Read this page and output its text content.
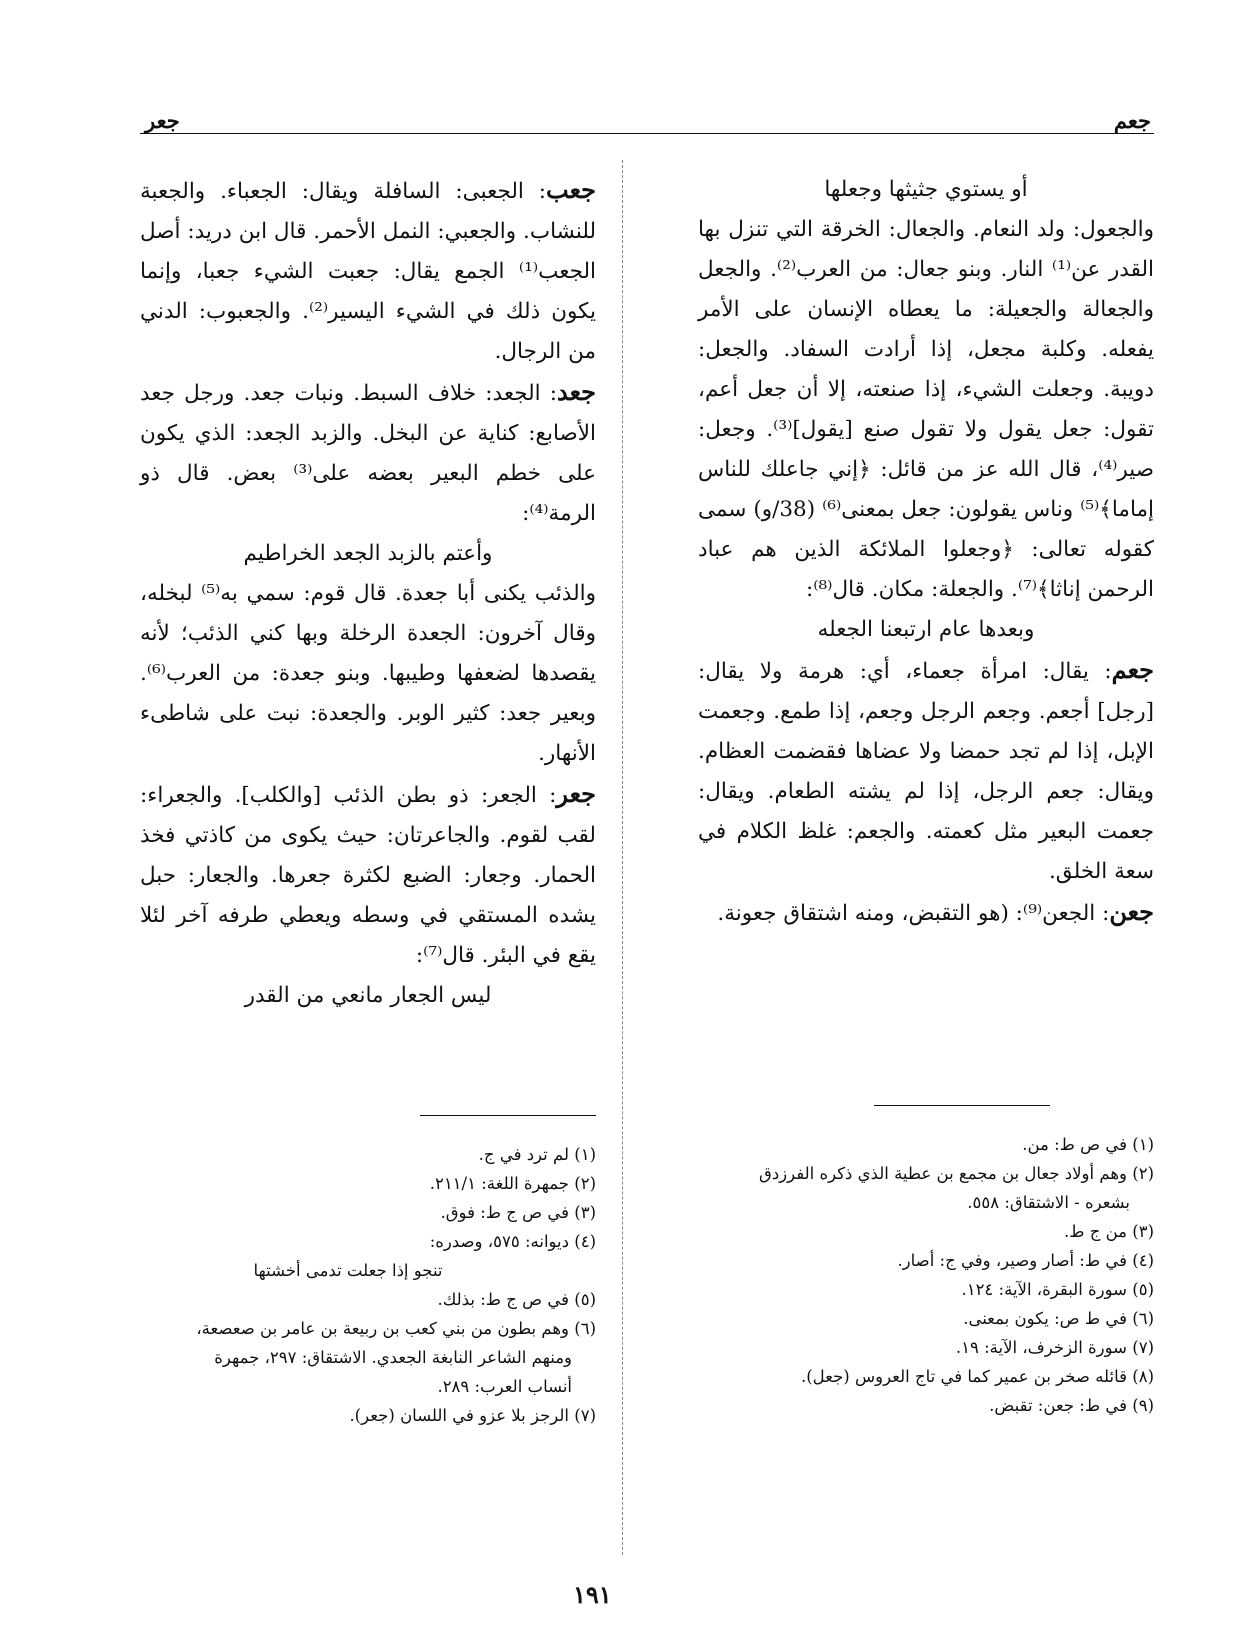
جعم
جعر

أو يستوي جثيثها وجعلها

والجعول: ولد النعام. والجعال: الخرقة التي تنزل بها القدر عن⁽¹⁾ النار. وبنو جعال: من العرب⁽²⁾. والجعل والجعالة والجعيلة: ما يعطاه الإنسان على الأمر يفعله. وكلبة مجعل، إذا أرادت السفاد. والجعل: دويبة. وجعلت الشيء، إذا صنعته، إلا أن جعل أعم، تقول: جعل يقول ولا تقول صنع [يقول]⁽³⁾. وجعل: صير⁽⁴⁾، قال الله عز من قائل: ﴿إني جاعلك للناس إماما﴾⁽⁵⁾ وناس يقولون: جعل بمعنى⁽⁶⁾ (38/و) سمى كقوله تعالى: ﴿وجعلوا الملائكة الذين هم عباد الرحمن إناثا﴾⁽⁷⁾. والجعلة: مكان. قال⁽⁸⁾:

وبعدها عام ارتبعنا الجعله

جعم: يقال: امرأة جعماء، أي: هرمة ولا يقال: [رجل] أجعم. وجعم الرجل وجعم، إذا طمع. وجعمت الإبل، إذا لم تجد حمضا ولا عضاها فقضمت العظام. ويقال: جعم الرجل، إذا لم يشته الطعام. ويقال: جعمت البعير مثل كعمته. والجعم: غلظ الكلام في سعة الخلق.

جعن: الجعن⁽⁹⁾: (هو التقبض، ومنه اشتقاق جعونة.

جعب: الجعبى: السافلة ويقال: الجعباء. والجعبة للنشاب. والجعبي: النمل الأحمر. قال ابن دريد: أصل الجعب⁽¹⁾ الجمع يقال: جعبت الشيء جعبا، وإنما يكون ذلك في الشيء اليسير⁽²⁾. والجعبوب: الدني من الرجال.

جعد: الجعد: خلاف السبط. ونبات جعد. ورجل جعد الأصابع: كناية عن البخل. والزبد الجعد: الذي يكون على خطم البعير بعضه على⁽³⁾ بعض. قال ذو الرمة⁽⁴⁾:

وأعتم بالزبد الجعد الخراطيم

والذئب يكنى أبا جعدة. قال قوم: سمي به⁽⁵⁾ لبخله، وقال آخرون: الجعدة الرخلة وبها كني الذئب؛ لأنه يقصدها لضعفها وطيبها. وبنو جعدة: من العرب⁽⁶⁾. وبعير جعد: كثير الوبر. والجعدة: نبت على شاطىء الأنهار.

جعر: الجعر: ذو بطن الذئب [والكلب]. والجعراء: لقب لقوم. والجاعرتان: حيث يكوى من كاذتي فخذ الحمار. وجعار: الضبع لكثرة جعرها. والجعار: حبل يشده المستقي في وسطه ويعطي طرفه آخر لئلا يقع في البئر. قال⁽⁷⁾:

ليس الجعار مانعي من القدر

(١) في ص ط: من.

(٢) وهم أولاد جعال بن مجمع بن عطية الذي ذكره الفرزدق

بشعره - الاشتقاق: ٥٥٨.

(٣) من ج ط.

(٤) في ط: أصار وصير، وفي ج: أصار.

(٥) سورة البقرة، الآية: ١٢٤.

(٦) في ط ص: يكون بمعنى.

(٧) سورة الزخرف، الآية: ١٩.

(٨) قائله صخر بن عمير كما في تاج العروس (جعل).

(٩) في ط: جعن: تقبض.

(١) لم ترد في ج.

(٢) جمهرة اللغة: ٢١١/١.

(٣) في ص ج ط: فوق.

(٤) ديوانه: ٥٧٥، وصدره:

تنجو إذا جعلت تدمى أخشتها

(٥) في ص ج ط: بذلك.

(٦) وهم بطون من بني كعب بن ربيعة بن عامر بن صعصعة،

ومنهم الشاعر النابغة الجعدي. الاشتقاق: ٢٩٧، جمهرة

أنساب العرب: ٢٨٩.

(٧) الرجز بلا عزو في اللسان (جعر).

١٩١
